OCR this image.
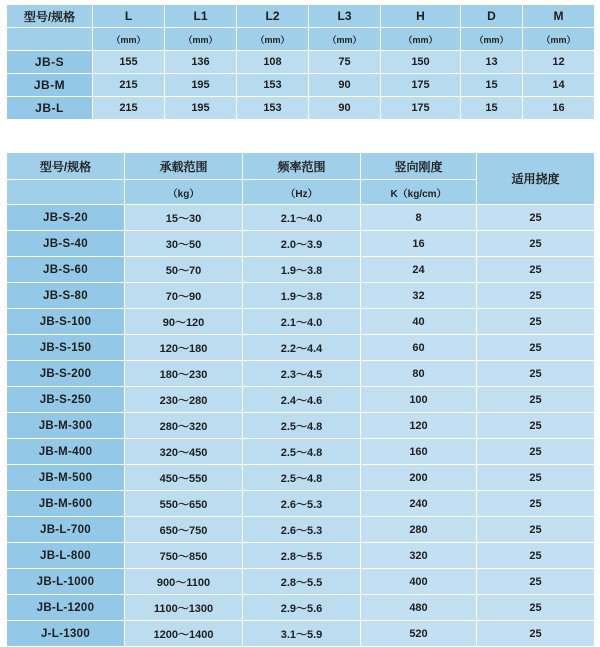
型号/规格	L	L1	L2	L3	H	D	M
	（mm）	（mm）	（mm）	（mm）	（mm）	（mm）	（mm）
JB-S	155	136	108	75	150	13	12
JB-M	215	195	153	90	175	15	14
JB-L	215	195	153	90	175	15	16
型号/规格	承载范围	频率范围	竖向刚度	适用挠度
	（kg）	（Hz）	K（kg/cm）	
JB-S-20	15～30	2.1～4.0	8	25
JB-S-40	30～50	2.0～3.9	16	25
JB-S-60	50～70	1.9～3.8	24	25
JB-S-80	70～90	1.9～3.8	32	25
JB-S-100	90～120	2.1～4.0	40	25
JB-S-150	120～180	2.2～4.4	60	25
JB-S-200	180～230	2.3～4.5	80	25
JB-S-250	230～280	2.4～4.6	100	25
JB-M-300	280～320	2.5～4.8	120	25
JB-M-400	320～450	2.5～4.8	160	25
JB-M-500	450～550	2.5～4.8	200	25
JB-M-600	550～650	2.6～5.3	240	25
JB-L-700	650～750	2.6～5.3	280	25
JB-L-800	750～850	2.8～5.5	320	25
JB-L-1000	900～1100	2.8～5.5	400	25
JB-L-1200	1100～1300	2.9～5.6	480	25
J-L-1300	1200～1400	3.1～5.9	520	25
